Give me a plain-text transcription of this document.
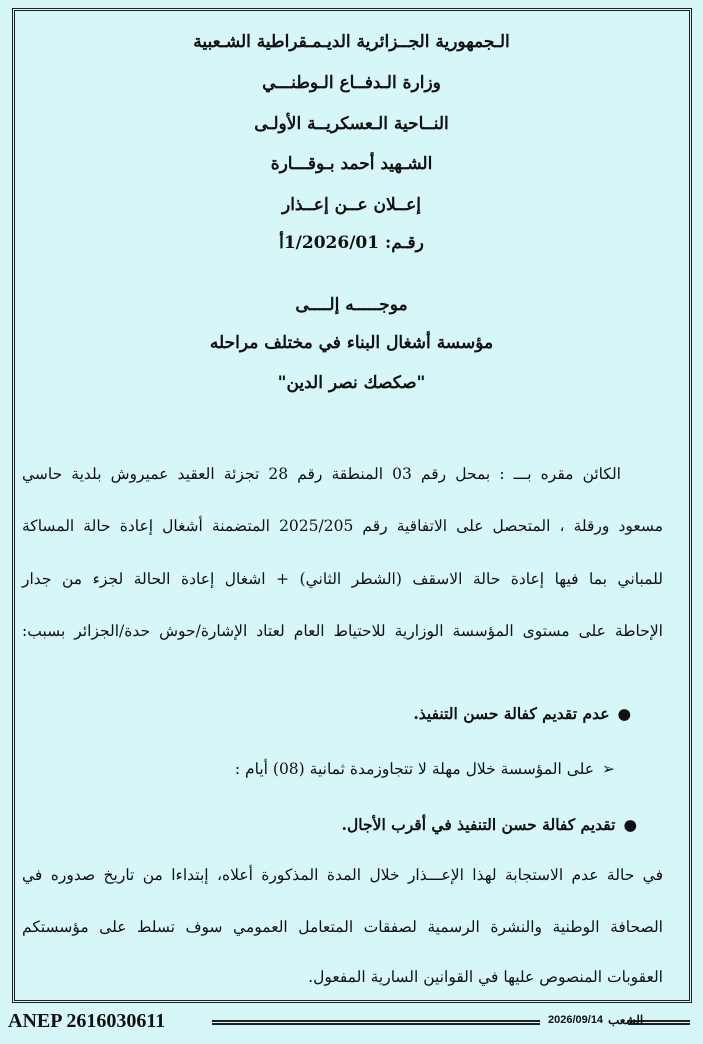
الـجمهورية الجــزائرية الديـمـقراطية الشـعبية
وزارة الـدفــاع الـوطنـــي
النــاحية الـعسكريــة الأولـى
الشـهيد أحمد بـوقـــارة
إعــلان عــن إعــذار
رقـم: 1/2026/01أ
موجـــــه إلــــى
مؤسسة أشغال البناء في مختلف مراحله
"صكصك نصر الدين"
الكائن مقره بـــ : بمحل رقم 03 المنطقة رقم 28 تجزئة العقيد عميروش بلدية حاسي
مسعود ورقلة ، المتحصل على الاتفاقية رقم 2025/205 المتضمنة أشغال إعادة حالة المساكة
للمباني بما فيها إعادة حالة الاسقف (الشطر الثاني) + اشغال إعادة الحالة لجزء من جدار
الإحاطة على مستوى المؤسسة الوزارية للاحتياط العام لعتاد الإشارة/حوش حدة/الجزائر بسبب:
●عدم تقديم كفالة حسن التنفيذ.
➢على المؤسسة خلال مهلة لا تتجاوزمدة ثمانية (08) أيام :
●تقديم كفالة حسن التنفيذ في أقرب الأجال.
في حالة عدم الاستجابة لهذا الإعـــذار خلال المدة المذكورة أعلاه، إبتداءا من تاريخ صدوره في
الصحافة الوطنية والنشرة الرسمية لصفقات المتعامل العمومي سوف تسلط على مؤسستكم
العقوبات المنصوص عليها في القوانين السارية المفعول.
ANEP 2616030611	2026/09/14 الشعب
